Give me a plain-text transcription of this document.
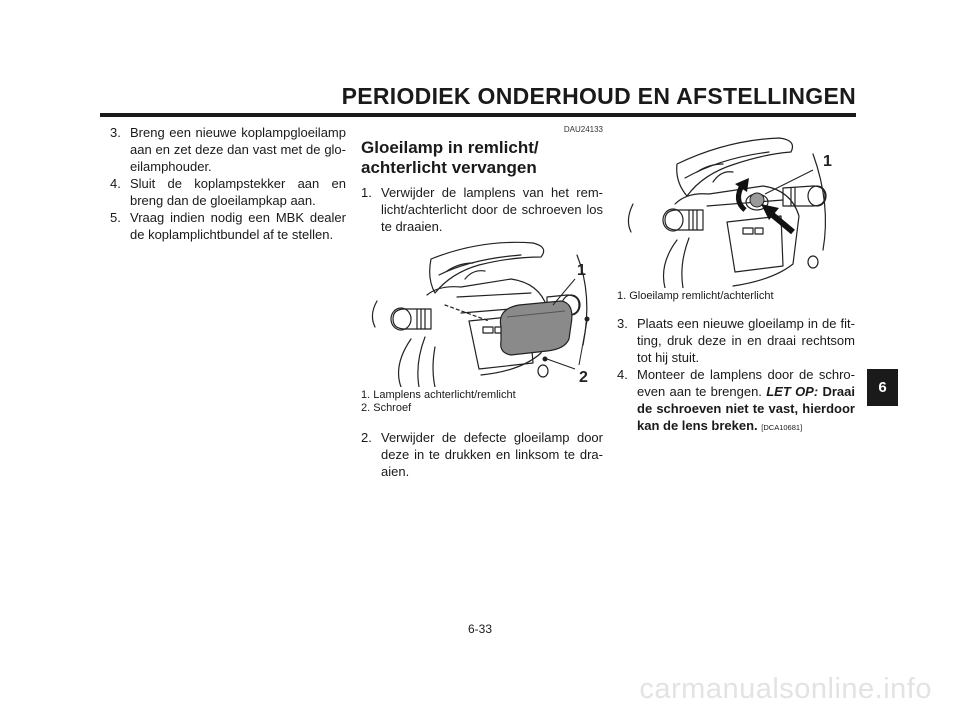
PERIODIEK ONDERHOUD EN AFSTELLINGEN
6
3. Breng een nieuwe koplampgloeilamp aan en zet deze dan vast met de glo-eilamphouder.
4. Sluit de koplampstekker aan en breng dan de gloeilampkap aan.
5. Vraag indien nodig een MBK dealer de koplamplichtbundel af te stellen.
DAU24133
Gloeilamp in remlicht/
achterlicht vervangen
1. Verwijder de lamplens van het rem-licht/achterlicht door de schroeven los te draaien.
1
2
1. Lamplens achterlicht/remlicht
2. Schroef
2. Verwijder de defecte gloeilamp door deze in te drukken en linksom te dra-aien.
1
1. Gloeilamp remlicht/achterlicht
3. Plaats een nieuwe gloeilamp in de fit-ting, druk deze in en draai rechtsom tot hij stuit.
4. Monteer de lamplens door de schro-even aan te brengen. LET OP: Draai de schroeven niet te vast, hierdoor kan de lens breken. [DCA10681]
6-33
carmanualsonline.info
